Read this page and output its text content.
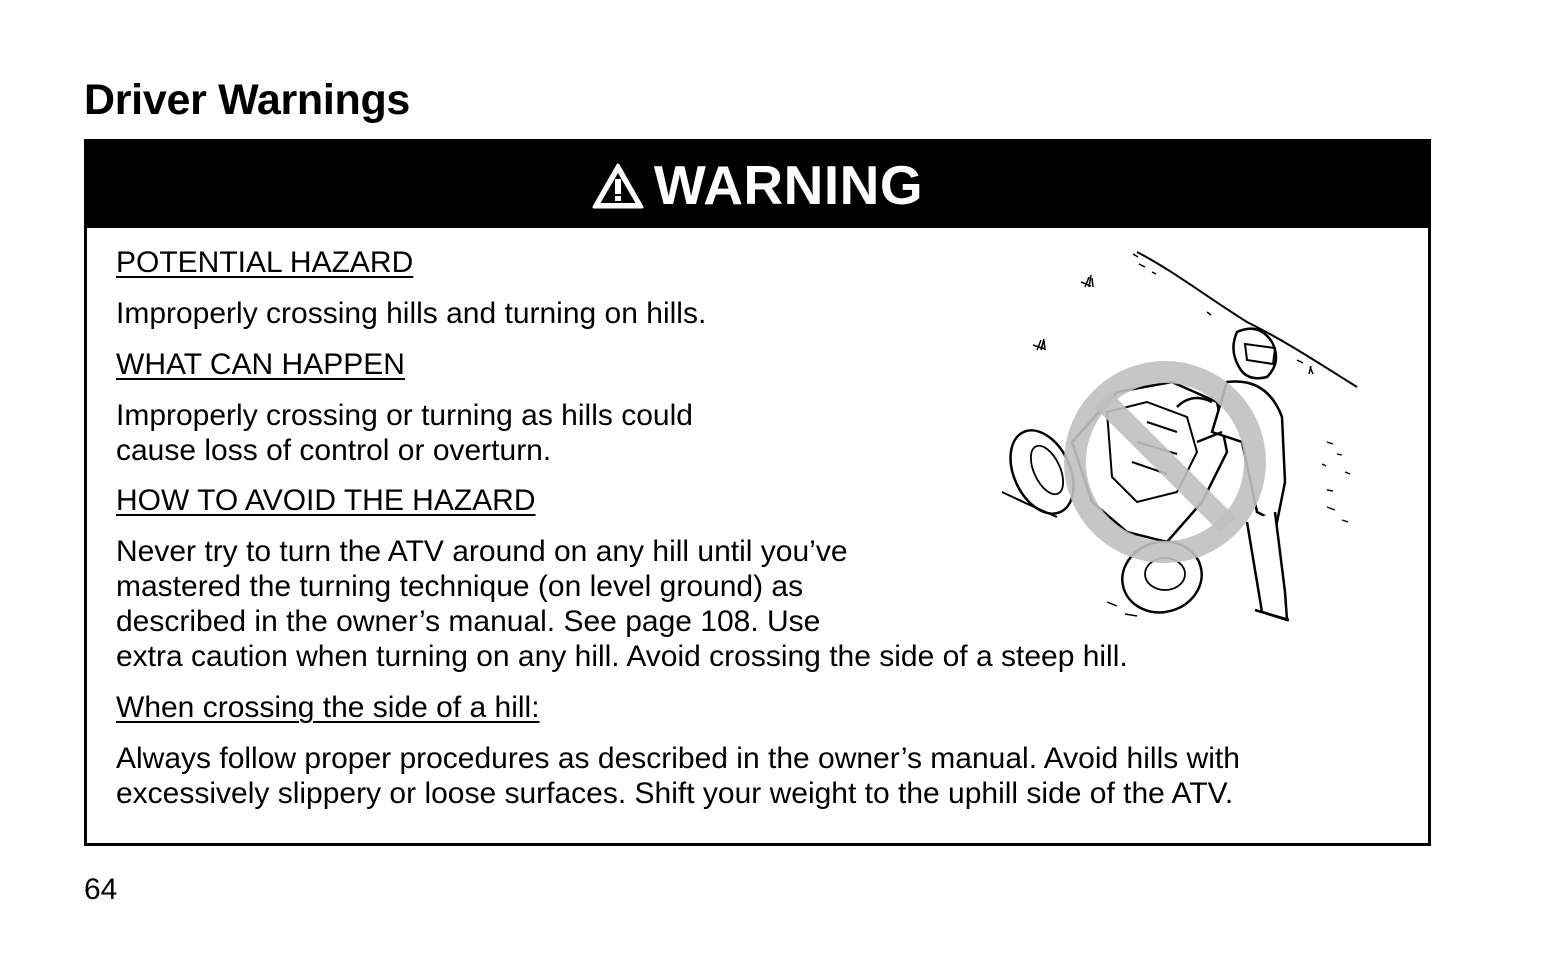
Driver Warnings
WARNING

POTENTIAL HAZARD

Improperly crossing hills and turning on hills.

WHAT CAN HAPPEN

Improperly crossing or turning as hills could
cause loss of control or overturn.

HOW TO AVOID THE HAZARD

Never try to turn the ATV around on any hill until you’ve
mastered the turning technique (on level ground) as
described in the owner’s manual. See page 108. Use
extra caution when turning on any hill. Avoid crossing the side of a steep hill.

When crossing the side of a hill:

Always follow proper procedures as described in the owner’s manual. Avoid hills with
excessively slippery or loose surfaces. Shift your weight to the uphill side of the ATV.

64
